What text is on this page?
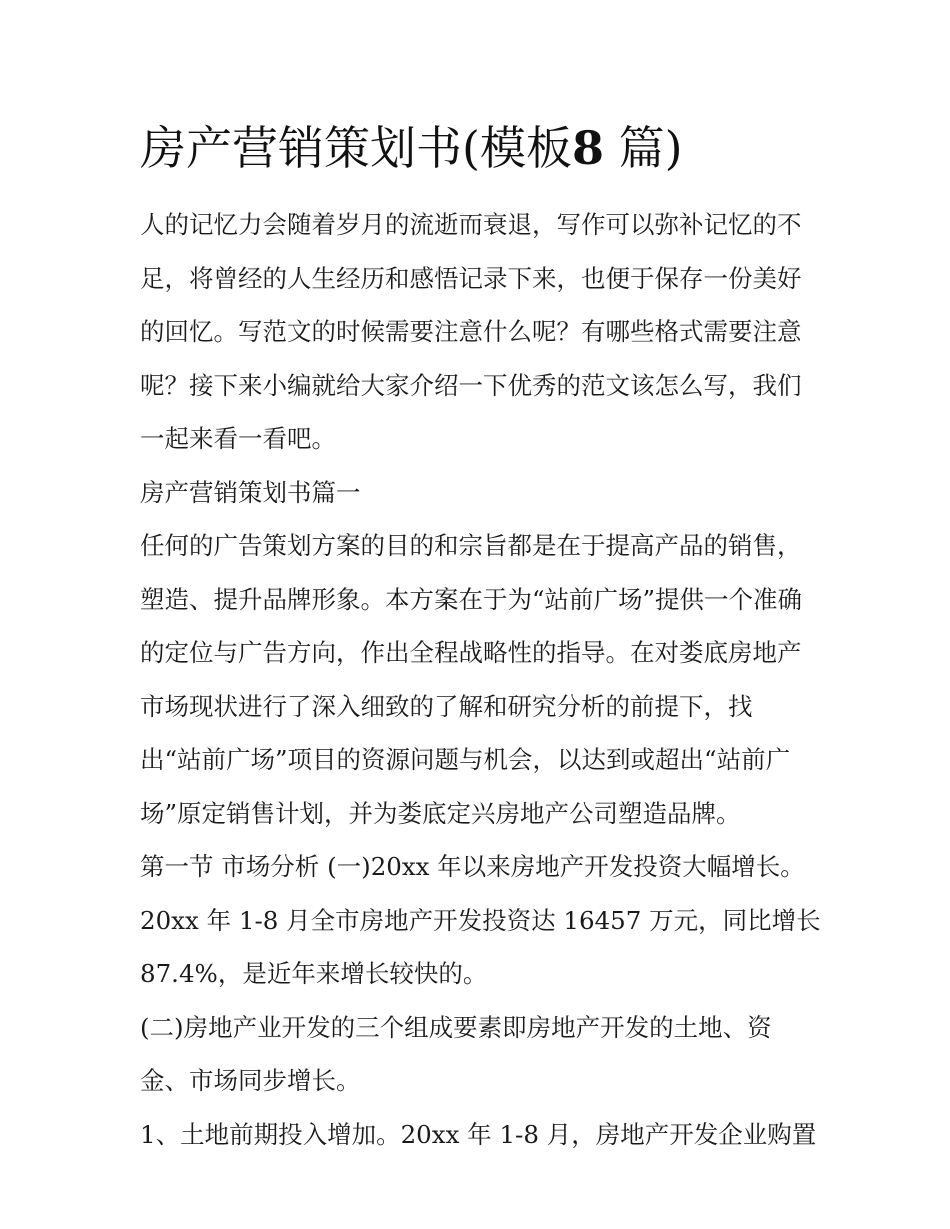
房产营销策划书(模板8 篇)

人的记忆力会随着岁月的流逝而衰退，写作可以弥补记忆的不

足，将曾经的人生经历和感悟记录下来，也便于保存一份美好

的回忆。写范文的时候需要注意什么呢？有哪些格式需要注意

呢？接下来小编就给大家介绍一下优秀的范文该怎么写，我们

一起来看一看吧。

房产营销策划书篇一

任何的广告策划方案的目的和宗旨都是在于提高产品的销售，

塑造、提升品牌形象。本方案在于为“站前广场”提供一个准确

的定位与广告方向，作出全程战略性的指导。在对娄底房地产

市场现状进行了深入细致的了解和研究分析的前提下，找

出“站前广场”项目的资源问题与机会，以达到或超出“站前广

场”原定销售计划，并为娄底定兴房地产公司塑造品牌。

第一节 市场分析 (一)20xx 年以来房地产开发投资大幅增长。

20xx 年 1-8 月全市房地产开发投资达 16457 万元，同比增长

87.4%，是近年来增长较快的。

(二)房地产业开发的三个组成要素即房地产开发的土地、资

金、市场同步增长。

1、土地前期投入增加。20xx 年 1-8 月，房地产开发企业购置
